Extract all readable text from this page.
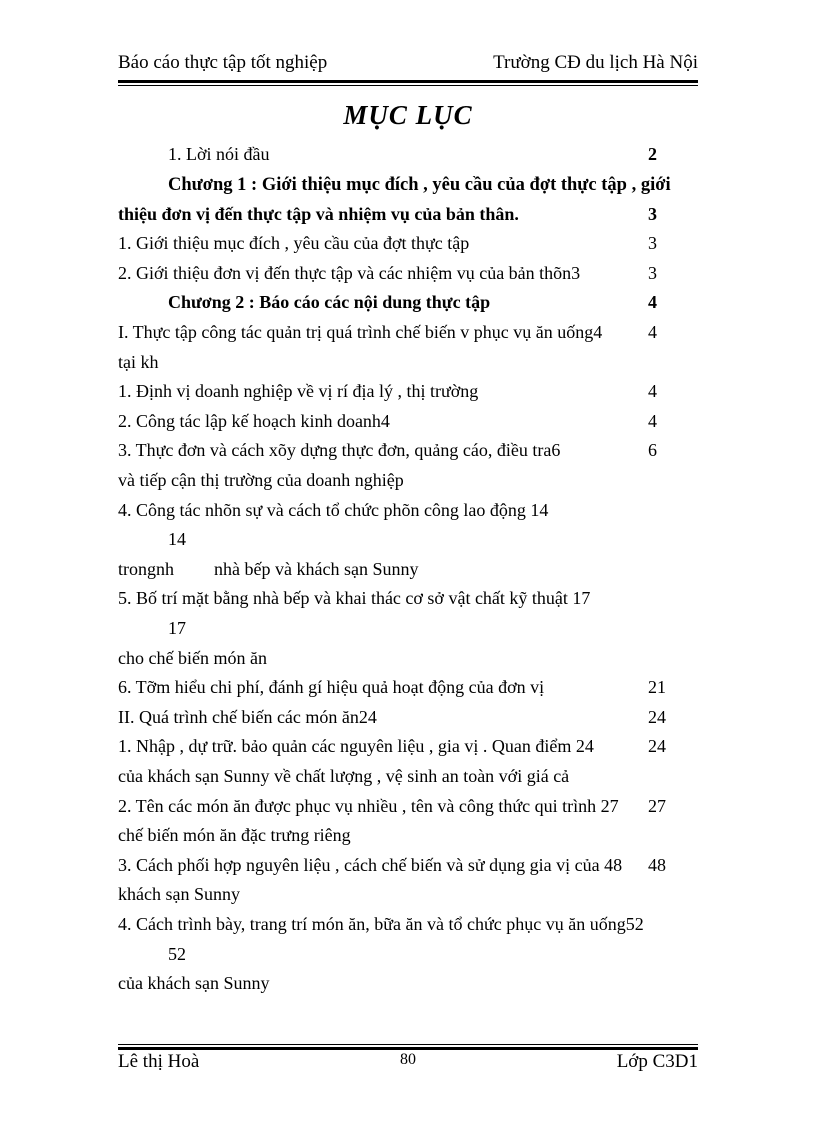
Báo cáo thực tập tốt nghiệp	Trường CĐ du lịch Hà Nội
MỤC LỤC
1. Lời nói đầu	2
Chương 1 : Giới thiệu mục đích , yêu cầu của đợt thực tập , giới
thiệu đơn vị đến thực tập và nhiệm vụ của bản thân.	3
1. Giới thiệu mục đích , yêu cầu của đợt thực tập	3
2. Giới thiệu đơn vị đến thực tập và các nhiệm vụ của bản thõn3	3
Chương 2 : Báo cáo các nội dung thực tập	4
I. Thực tập công tác quản trị quá trình chế biến v phục vụ ăn uống4	4
tại kh
1. Định vị doanh nghiệp về vị rí địa lý , thị trường	4
2. Công tác lập kế hoạch kinh doanh4	4
3. Thực đơn và cách xõy dựng thực đơn, quảng cáo, điều tra6	6
và tiếp cận thị trường của doanh nghiệp
4. Công tác nhõn sự và cách tổ chức phõn công lao động 14
14
trongnh nhà bếp và khách sạn Sunny
5. Bố trí mặt bằng nhà bếp và khai thác cơ sở vật chất kỹ thuật 17
17
cho chế biến món ăn
6. Tỡm hiểu chi phí, đánh gí hiệu quả hoạt động của đơn vị	21
II. Quá trình chế biến các món ăn24	24
1. Nhập , dự trữ. bảo quản các nguyên liệu , gia vị . Quan điểm 24	24
của khách sạn Sunny về chất lượng , vệ sinh an toàn với giá cả
2. Tên các món ăn được phục vụ nhiều , tên và công thức qui trình 27 27
chế biến món ăn đặc trưng riêng
3. Cách phối hợp nguyên liệu , cách chế biến và sử dụng gia vị của 48 48
khách sạn Sunny
4. Cách trình bày, trang trí món ăn, bữa ăn và tổ chức phục vụ ăn uống52
52
của khách sạn Sunny
Lê thị Hoà	80	Lớp C3D1
